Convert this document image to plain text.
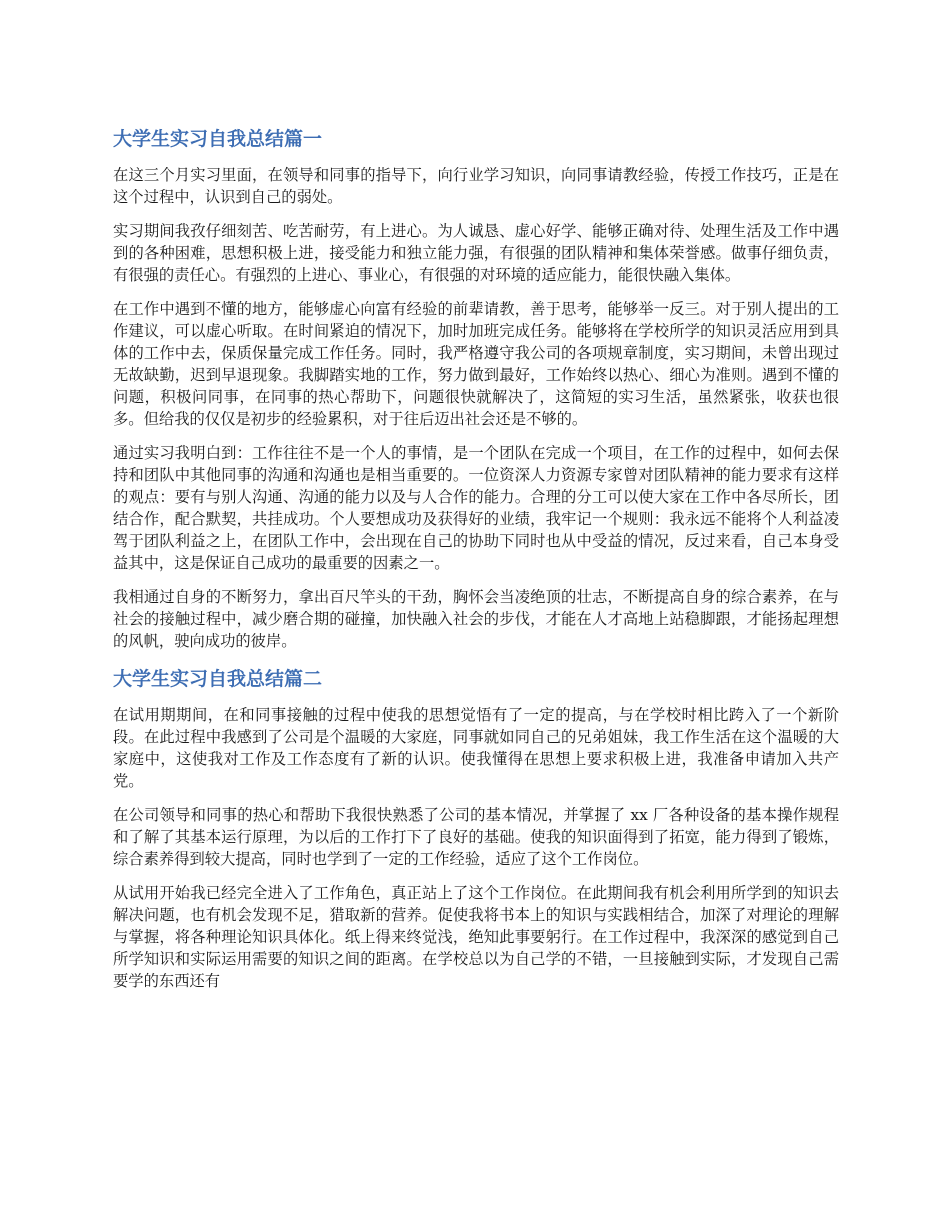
大学生实习自我总结篇一

在这三个月实习里面，在领导和同事的指导下，向行业学习知识，向同事请教经验，传授工作技巧，正是在这个过程中，认识到自己的弱处。

实习期间我孜仔细刻苦、吃苦耐劳，有上进心。为人诚恳、虚心好学、能够正确对待、处理生活及工作中遇到的各种困难，思想积极上进，接受能力和独立能力强，有很强的团队精神和集体荣誉感。做事仔细负责，有很强的责任心。有强烈的上进心、事业心，有很强的对环境的适应能力，能很快融入集体。

在工作中遇到不懂的地方，能够虚心向富有经验的前辈请教，善于思考，能够举一反三。对于别人提出的工作建议，可以虚心听取。在时间紧迫的情况下，加时加班完成任务。能够将在学校所学的知识灵活应用到具体的工作中去，保质保量完成工作任务。同时，我严格遵守我公司的各项规章制度，实习期间，未曾出现过无故缺勤，迟到早退现象。我脚踏实地的工作，努力做到最好，工作始终以热心、细心为准则。遇到不懂的问题，积极问同事，在同事的热心帮助下，问题很快就解决了，这简短的实习生活，虽然紧张，收获也很多。但给我的仅仅是初步的经验累积，对于往后迈出社会还是不够的。

通过实习我明白到：工作往往不是一个人的事情，是一个团队在完成一个项目，在工作的过程中，如何去保持和团队中其他同事的沟通和沟通也是相当重要的。一位资深人力资源专家曾对团队精神的能力要求有这样的观点：要有与别人沟通、沟通的能力以及与人合作的能力。合理的分工可以使大家在工作中各尽所长，团结合作，配合默契，共挂成功。个人要想成功及获得好的业绩，我牢记一个规则：我永远不能将个人利益凌驾于团队利益之上，在团队工作中，会出现在自己的协助下同时也从中受益的情况，反过来看，自己本身受益其中，这是保证自己成功的最重要的因素之一。

我相通过自身的不断努力，拿出百尺竿头的干劲，胸怀会当凌绝顶的壮志，不断提高自身的综合素养，在与社会的接触过程中，减少磨合期的碰撞，加快融入社会的步伐，才能在人才高地上站稳脚跟，才能扬起理想的风帆，驶向成功的彼岸。

大学生实习自我总结篇二

在试用期期间，在和同事接触的过程中使我的思想觉悟有了一定的提高，与在学校时相比跨入了一个新阶段。在此过程中我感到了公司是个温暖的大家庭，同事就如同自己的兄弟姐妹，我工作生活在这个温暖的大家庭中，这使我对工作及工作态度有了新的认识。使我懂得在思想上要求积极上进，我准备申请加入共产党。

在公司领导和同事的热心和帮助下我很快熟悉了公司的基本情况，并掌握了 xx 厂各种设备的基本操作规程和了解了其基本运行原理，为以后的工作打下了良好的基础。使我的知识面得到了拓宽，能力得到了锻炼，综合素养得到较大提高，同时也学到了一定的工作经验，适应了这个工作岗位。

从试用开始我已经完全进入了工作角色，真正站上了这个工作岗位。在此期间我有机会利用所学到的知识去解决问题，也有机会发现不足，猎取新的营养。促使我将书本上的知识与实践相结合，加深了对理论的理解与掌握，将各种理论知识具体化。纸上得来终觉浅，绝知此事要躬行。在工作过程中，我深深的感觉到自己所学知识和实际运用需要的知识之间的距离。在学校总以为自己学的不错，一旦接触到实际，才发现自己需要学的东西还有
